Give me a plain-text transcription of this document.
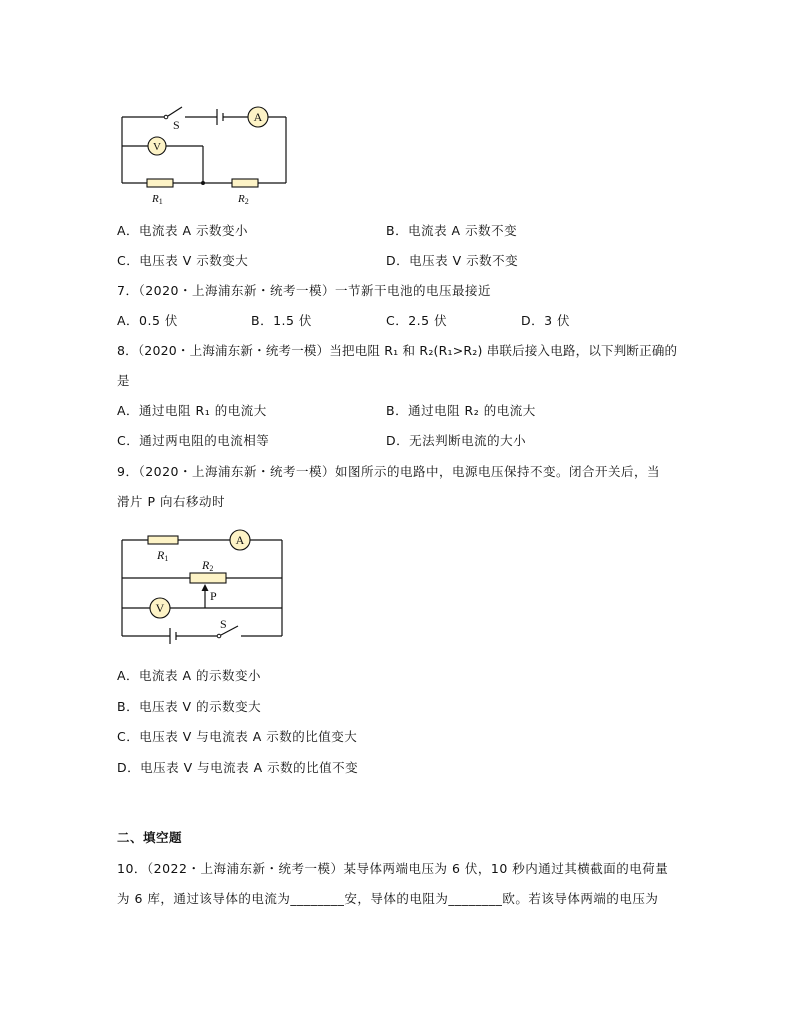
A
V
S
R1	R2
A．电流表 A 示数变小	B．电流表 A 示数不变
C．电压表 V 示数变大	D．电压表 V 示数不变
7．（2020・上海浦东新・统考一模）一节新干电池的电压最接近
A．0.5 伏	B．1.5 伏	C．2.5 伏	D．3 伏
8．（2020・上海浦东新・统考一模）当把电阻 R₁ 和 R₂(R₁>R₂) 串联后接入电路，以下判断正确的
是
A．通过电阻 R₁ 的电流大	B．通过电阻 R₂ 的电流大
C．通过两电阻的电流相等	D．无法判断电流的大小
9．（2020・上海浦东新・统考一模）如图所示的电路中，电源电压保持不变。闭合开关后，当
滑片 P 向右移动时
A
V
R1	R2
P
S
A．电流表 A 的示数变小
B．电压表 V 的示数变大
C．电压表 V 与电流表 A 示数的比值变大
D．电压表 V 与电流表 A 示数的比值不变
二、填空题
10．（2022・上海浦东新・统考一模）某导体两端电压为 6 伏，10 秒内通过其横截面的电荷量
为 6 库，通过该导体的电流为________安，导体的电阻为________欧。若该导体两端的电压为
